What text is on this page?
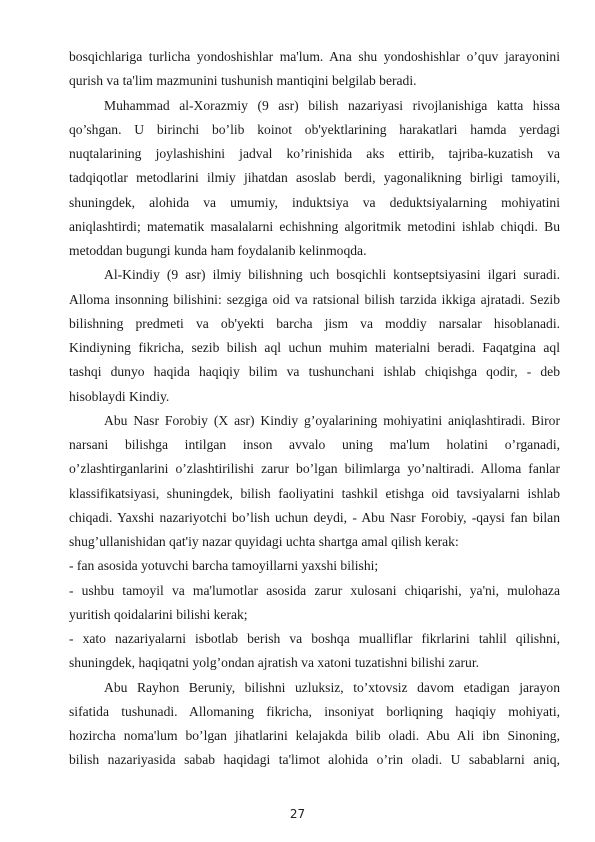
bosqichlariga turlicha yondoshishlar ma'lum. Ana shu yondoshishlar o’quv jarayonini
qurish va ta'lim mazmunini tushunish mantiqini belgilab beradi.
Muhammad al-Xorazmiy (9 asr) bilish nazariyasi rivojlanishiga katta hissa
qo’shgan. U birinchi bo’lib koinot ob'yektlarining harakatlari hamda yerdagi
nuqtalarining joylashishini jadval ko’rinishida aks ettirib, tajriba-kuzatish va
tadqiqotlar metodlarini ilmiy jihatdan asoslab berdi, yagonalikning birligi tamoyili,
shuningdek, alohida va umumiy, induktsiya va deduktsiyalarning mohiyatini
aniqlashtirdi; matematik masalalarni echishning algoritmik metodini ishlab chiqdi. Bu
metoddan bugungi kunda ham foydalanib kelinmoqda.
Al-Kindiy (9 asr) ilmiy bilishning uch bosqichli kontseptsiyasini ilgari suradi.
Alloma insonning bilishini: sezgiga oid va ratsional bilish tarzida ikkiga ajratadi. Sezib
bilishning predmeti va ob'yekti barcha jism va moddiy narsalar hisoblanadi.
Kindiyning fikricha, sezib bilish aql uchun muhim materialni beradi. Faqatgina aql
tashqi dunyo haqida haqiqiy bilim va tushunchani ishlab chiqishga qodir, - deb
hisoblaydi Kindiy.
Abu Nasr Forobiy (X asr) Kindiy g’oyalarining mohiyatini aniqlashtiradi. Biror
narsani bilishga intilgan inson avvalo uning ma'lum holatini o’rganadi,
o’zlashtirganlarini o’zlashtirilishi zarur bo’lgan bilimlarga yo’naltiradi. Alloma fanlar
klassifikatsiyasi, shuningdek, bilish faoliyatini tashkil etishga oid tavsiyalarni ishlab
chiqadi. Yaxshi nazariyotchi bo’lish uchun deydi, - Abu Nasr Forobiy, -qaysi fan bilan
shug’ullanishidan qat'iy nazar quyidagi uchta shartga amal qilish kerak:
- fan asosida yotuvchi barcha tamoyillarni yaxshi bilishi;
- ushbu tamoyil va ma'lumotlar asosida zarur xulosani chiqarishi, ya'ni, mulohaza
yuritish qoidalarini bilishi kerak;
- xato nazariyalarni isbotlab berish va boshqa mualliflar fikrlarini tahlil qilishni,
shuningdek, haqiqatni yolg’ondan ajratish va xatoni tuzatishni bilishi zarur.
Abu Rayhon Beruniy, bilishni uzluksiz, to’xtovsiz davom etadigan jarayon
sifatida tushunadi. Allomaning fikricha, insoniyat borliqning haqiqiy mohiyati,
hozircha noma'lum bo’lgan jihatlarini kelajakda bilib oladi. Abu Ali ibn Sinoning,
bilish nazariyasida sabab haqidagi ta'limot alohida o’rin oladi. U sabablarni aniq,
27
